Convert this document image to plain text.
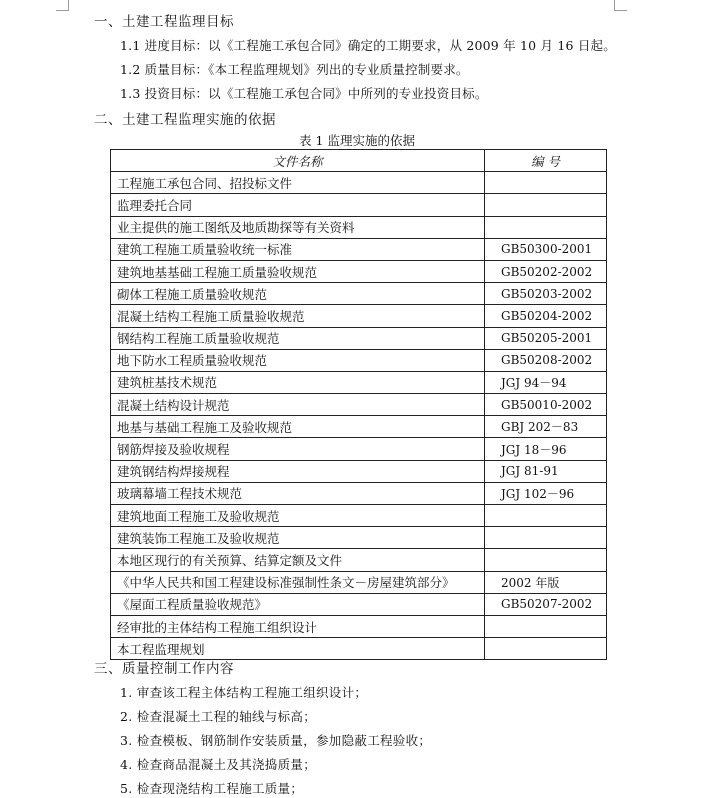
一、土建工程监理目标
1.1 进度目标：以《工程施工承包合同》确定的工期要求，从 2009 年 10 月 16 日起。
1.2 质量目标：《本工程监理规划》列出的专业质量控制要求。
1.3 投资目标：以《工程施工承包合同》中所列的专业投资目标。
二、土建工程监理实施的依据
表 1 监理实施的依据
文件名称	编 号
工程施工承包合同、招投标文件	
监理委托合同	
业主提供的施工图纸及地质勘探等有关资料	
建筑工程施工质量验收统一标准	GB50300-2001
建筑地基基础工程施工质量验收规范	GB50202-2002
砌体工程施工质量验收规范	GB50203-2002
混凝土结构工程施工质量验收规范	GB50204-2002
钢结构工程施工质量验收规范	GB50205-2001
地下防水工程质量验收规范	GB50208-2002
建筑桩基技术规范	JGJ 94－94
混凝土结构设计规范	GB50010-2002
地基与基础工程施工及验收规范	GBJ 202－83
钢筋焊接及验收规程	JGJ 18－96
建筑钢结构焊接规程	JGJ 81-91
玻璃幕墙工程技术规范	JGJ 102－96
建筑地面工程施工及验收规范	
建筑装饰工程施工及验收规范	
本地区现行的有关预算、结算定额及文件	
《中华人民共和国工程建设标准强制性条文－房屋建筑部分》	2002 年版
《屋面工程质量验收规范》	GB50207-2002
经审批的主体结构工程施工组织设计	
本工程监理规划	
三、质量控制工作内容
1. 审查该工程主体结构工程施工组织设计；
2. 检查混凝土工程的轴线与标高；
3. 检查模板、钢筋制作安装质量，参加隐蔽工程验收；
4. 检查商品混凝土及其浇捣质量；
5. 检查现浇结构工程施工质量；
